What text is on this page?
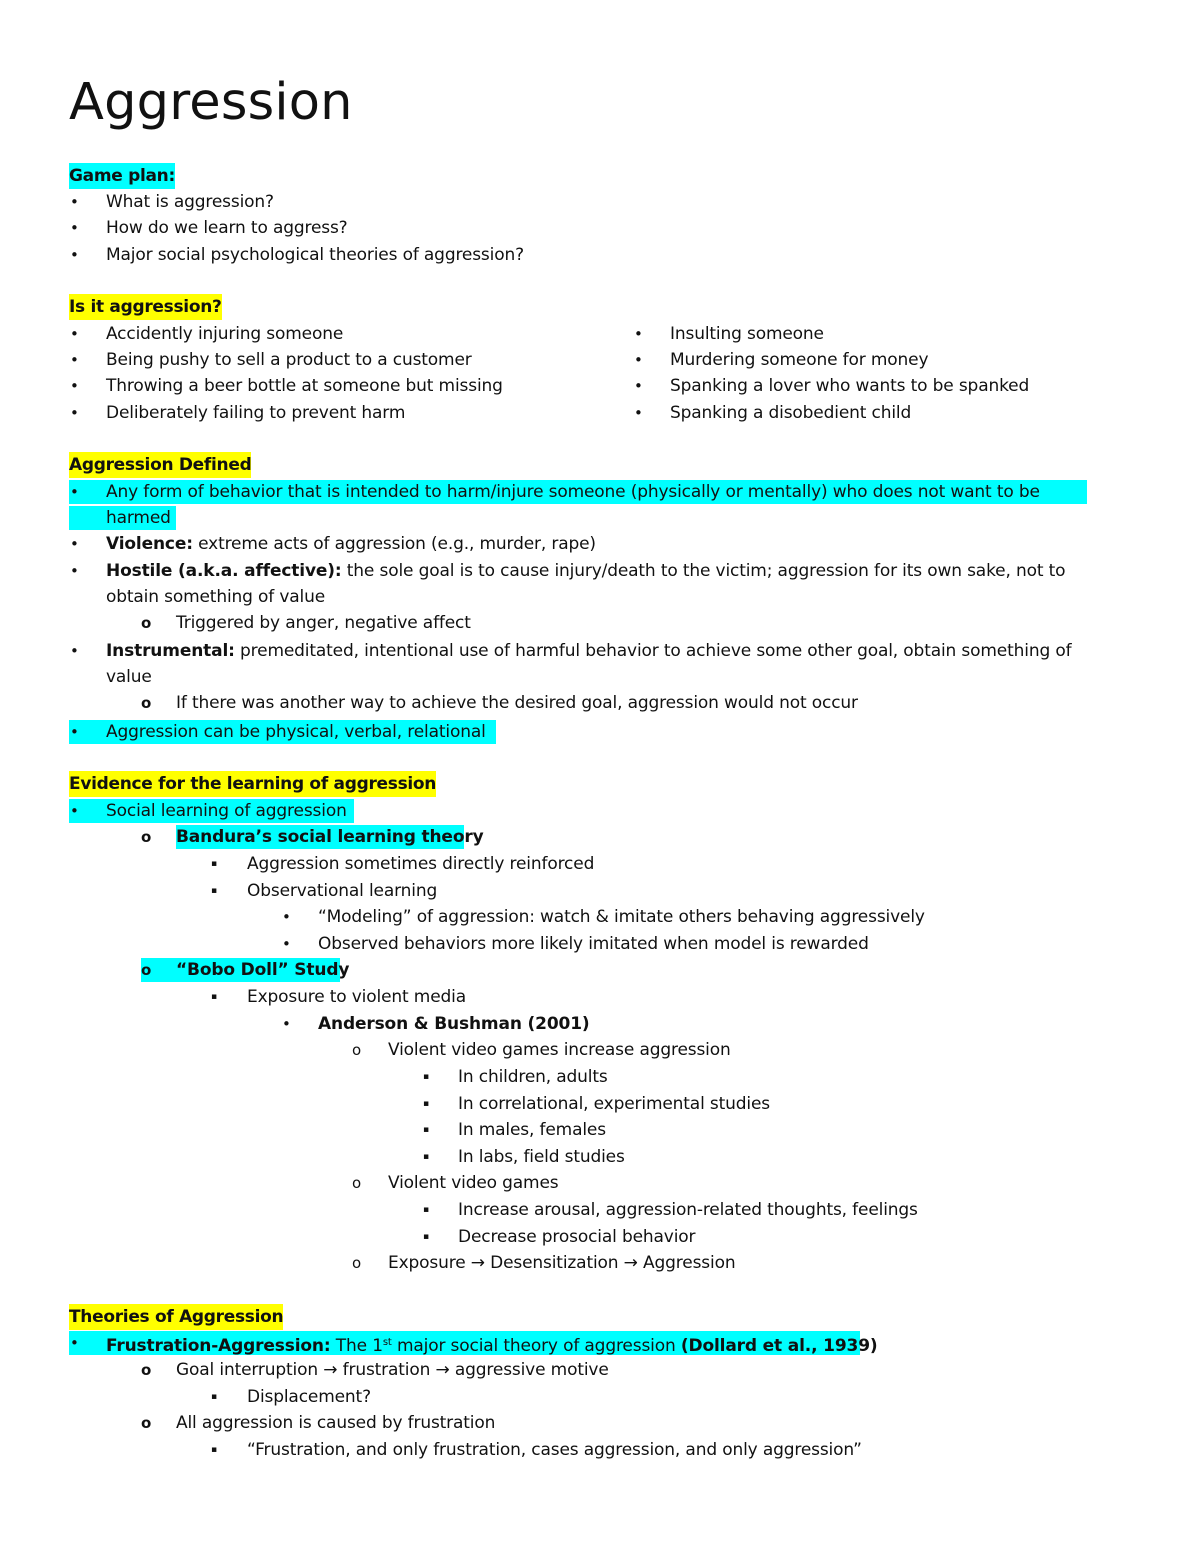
Aggression
Game plan:
• What is aggression?
• How do we learn to aggress?
• Major social psychological theories of aggression?
Is it aggression?
• Accidently injuring someone
• Being pushy to sell a product to a customer
• Throwing a beer bottle at someone but missing
• Deliberately failing to prevent harm
• Insulting someone
• Murdering someone for money
• Spanking a lover who wants to be spanked
• Spanking a disobedient child
Aggression Defined
• Any form of behavior that is intended to harm/injure someone (physically or mentally) who does not want to be
harmed
• Violence: extreme acts of aggression (e.g., murder, rape)
• Hostile (a.k.a. affective): the sole goal is to cause injury/death to the victim; aggression for its own sake, not to
obtain something of value
o Triggered by anger, negative affect
• Instrumental: premeditated, intentional use of harmful behavior to achieve some other goal, obtain something of
value
o If there was another way to achieve the desired goal, aggression would not occur
• Aggression can be physical, verbal, relational
Evidence for the learning of aggression
• Social learning of aggression
o Bandura’s social learning theory
▪ Aggression sometimes directly reinforced
▪ Observational learning
• “Modeling” of aggression: watch & imitate others behaving aggressively
• Observed behaviors more likely imitated when model is rewarded
o “Bobo Doll” Study
▪ Exposure to violent media
• Anderson & Bushman (2001)
o Violent video games increase aggression
▪ In children, adults
▪ In correlational, experimental studies
▪ In males, females
▪ In labs, field studies
o Violent video games
▪ Increase arousal, aggression-related thoughts, feelings
▪ Decrease prosocial behavior
o Exposure → Desensitization → Aggression
Theories of Aggression
• Frustration-Aggression: The 1st major social theory of aggression (Dollard et al., 1939)
o Goal interruption → frustration → aggressive motive
▪ Displacement?
o All aggression is caused by frustration
▪ “Frustration, and only frustration, cases aggression, and only aggression”
